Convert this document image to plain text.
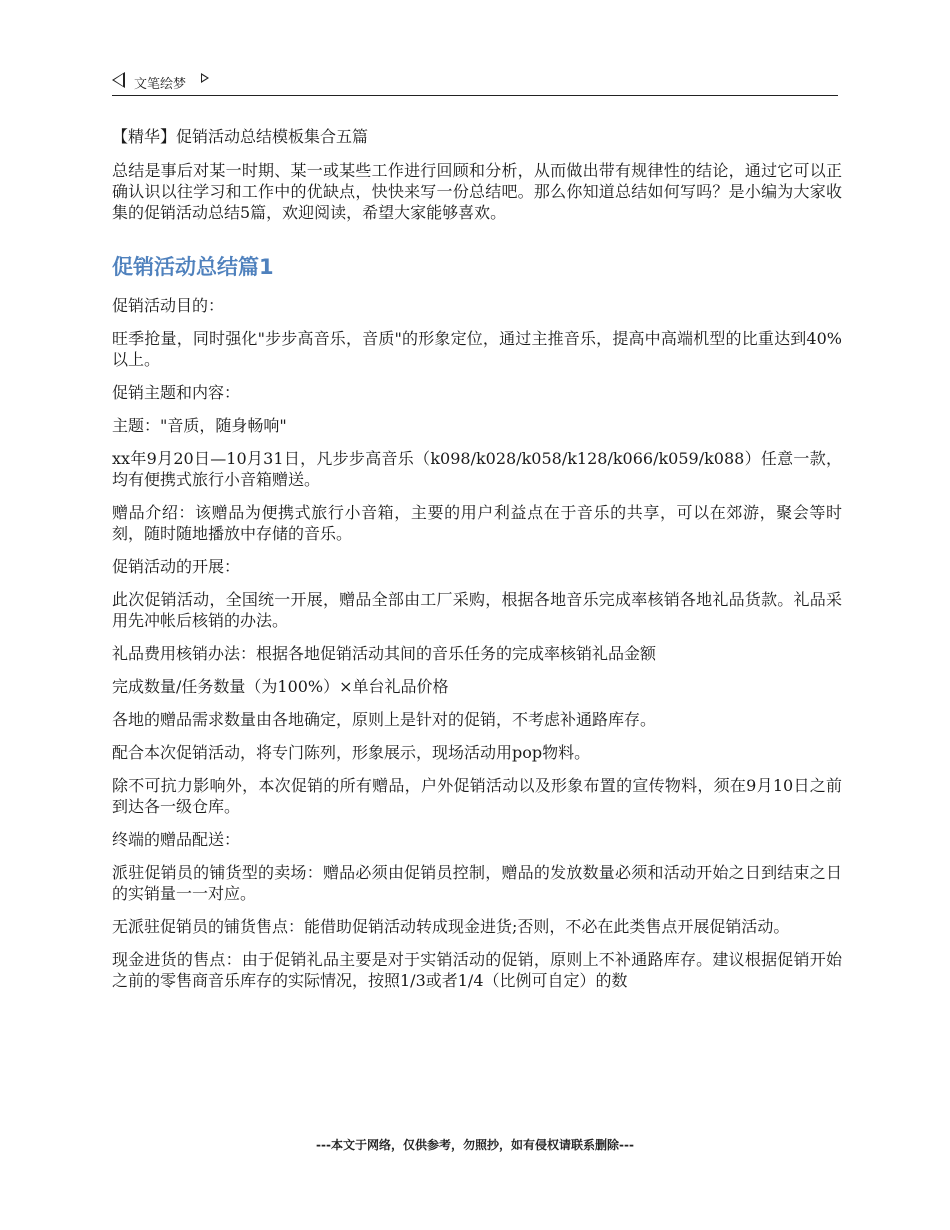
文笔绘梦
【精华】促销活动总结模板集合五篇
总结是事后对某一时期、某一或某些工作进行回顾和分析，从而做出带有规律性的结论，通过它可以正确认识以往学习和工作中的优缺点，快快来写一份总结吧。那么你知道总结如何写吗？是小编为大家收集的促销活动总结5篇，欢迎阅读，希望大家能够喜欢。
促销活动总结篇1
促销活动目的：
旺季抢量，同时强化"步步高音乐，音质"的形象定位，通过主推音乐，提高中高端机型的比重达到40%以上。
促销主题和内容：
主题："音质，随身畅响"
xx年9月20日—10月31日，凡步步高音乐（k098/k028/k058/k128/k066/k059/k088）任意一款，均有便携式旅行小音箱赠送。
赠品介绍：该赠品为便携式旅行小音箱，主要的用户利益点在于音乐的共享，可以在郊游，聚会等时刻，随时随地播放中存储的音乐。
促销活动的开展：
此次促销活动，全国统一开展，赠品全部由工厂采购，根据各地音乐完成率核销各地礼品货款。礼品采用先冲帐后核销的办法。
礼品费用核销办法：根据各地促销活动其间的音乐任务的完成率核销礼品金额
完成数量/任务数量（为100%）×单台礼品价格
各地的赠品需求数量由各地确定，原则上是针对的促销，不考虑补通路库存。
配合本次促销活动，将专门陈列，形象展示，现场活动用pop物料。
除不可抗力影响外，本次促销的所有赠品，户外促销活动以及形象布置的宣传物料，须在9月10日之前到达各一级仓库。
终端的赠品配送：
派驻促销员的铺货型的卖场：赠品必须由促销员控制，赠品的发放数量必须和活动开始之日到结束之日的实销量一一对应。
无派驻促销员的铺货售点：能借助促销活动转成现金进货;否则，不必在此类售点开展促销活动。
现金进货的售点：由于促销礼品主要是对于实销活动的促销，原则上不补通路库存。建议根据促销开始之前的零售商音乐库存的实际情况，按照1/3或者1/4（比例可自定）的数
---本文于网络，仅供参考，勿照抄，如有侵权请联系删除---
